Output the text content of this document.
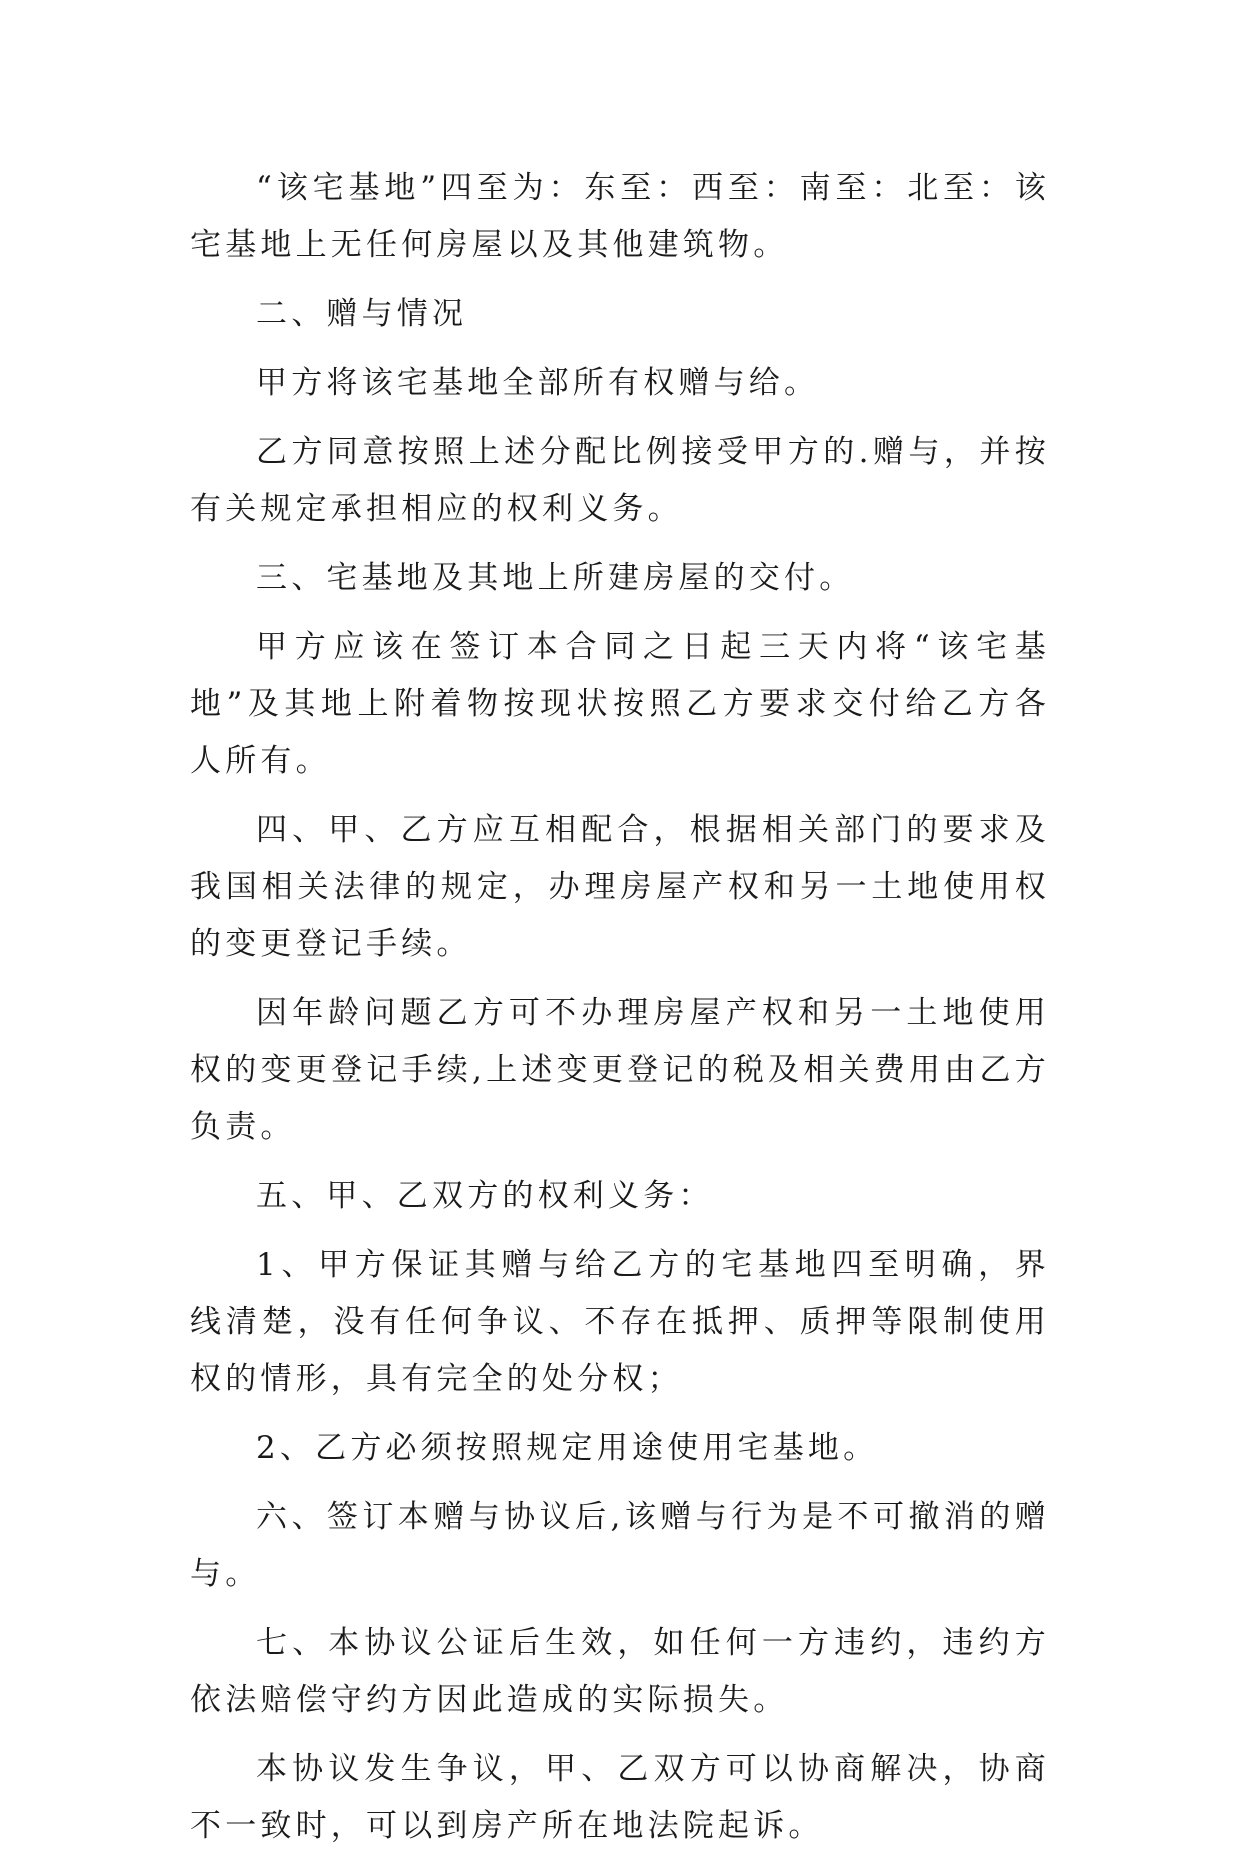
“该宅基地”四至为：东至：西至：南至：北至：该宅基地上无任何房屋以及其他建筑物。

二、赠与情况

甲方将该宅基地全部所有权赠与给。

乙方同意按照上述分配比例接受甲方的.赠与，并按有关规定承担相应的权利义务。

三、宅基地及其地上所建房屋的交付。

甲方应该在签订本合同之日起三天内将“该宅基地”及其地上附着物按现状按照乙方要求交付给乙方各人所有。

四、甲、乙方应互相配合，根据相关部门的要求及我国相关法律的规定，办理房屋产权和另一土地使用权的变更登记手续。

因年龄问题乙方可不办理房屋产权和另一土地使用权的变更登记手续,上述变更登记的税及相关费用由乙方负责。

五、甲、乙双方的权利义务：

1、甲方保证其赠与给乙方的宅基地四至明确，界线清楚，没有任何争议、不存在抵押、质押等限制使用权的情形，具有完全的处分权；

2、乙方必须按照规定用途使用宅基地。

六、签订本赠与协议后,该赠与行为是不可撤消的赠与。

七、本协议公证后生效，如任何一方违约，违约方依法赔偿守约方因此造成的实际损失。

本协议发生争议，甲、乙双方可以协商解决，协商不一致时，可以到房产所在地法院起诉。
